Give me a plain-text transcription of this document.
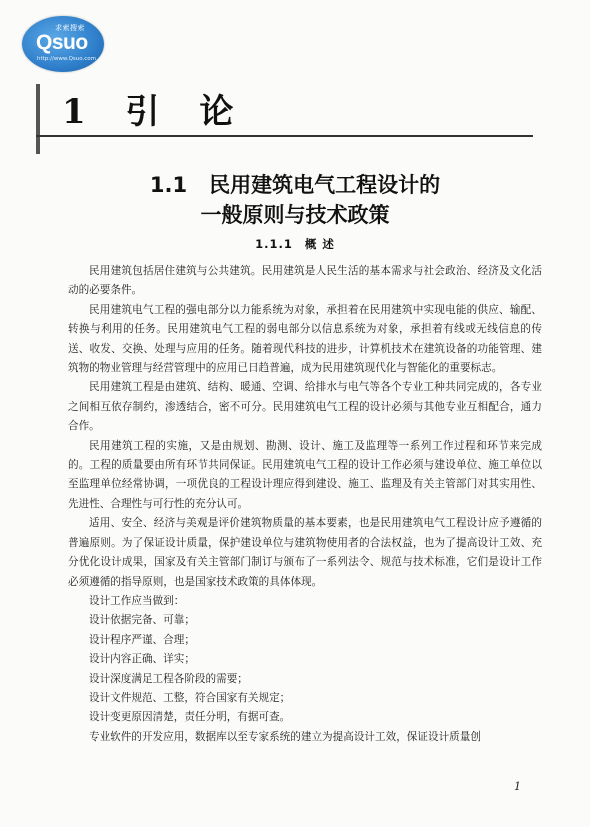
求索搜索
Qsuo
http://www.Qsuo.com
1 引 论
1.1 民用建筑电气工程设计的
一般原则与技术政策
1.1.1 概 述

民用建筑包括居住建筑与公共建筑。民用建筑是人民生活的基本需求与社会政治、经济及文化活动的必要条件。

民用建筑电气工程的强电部分以力能系统为对象，承担着在民用建筑中实现电能的供应、输配、转换与利用的任务。民用建筑电气工程的弱电部分以信息系统为对象，承担着有线或无线信息的传送、收发、交换、处理与应用的任务。随着现代科技的进步，计算机技术在建筑设备的功能管理、建筑物的物业管理与经营管理中的应用已日趋普遍，成为民用建筑现代化与智能化的重要标志。

民用建筑工程是由建筑、结构、暖通、空调、给排水与电气等各个专业工种共同完成的，各专业之间相互依存制约，渗透结合，密不可分。民用建筑电气工程的设计必须与其他专业互相配合，通力合作。

民用建筑工程的实施，又是由规划、勘测、设计、施工及监理等一系列工作过程和环节来完成的。工程的质量要由所有环节共同保证。民用建筑电气工程的设计工作必须与建设单位、施工单位以至监理单位经常协调，一项优良的工程设计理应得到建设、施工、监理及有关主管部门对其实用性、先进性、合理性与可行性的充分认可。

适用、安全、经济与美观是评价建筑物质量的基本要素，也是民用建筑电气工程设计应予遵循的普遍原则。为了保证设计质量，保护建设单位与建筑物使用者的合法权益，也为了提高设计工效、充分优化设计成果，国家及有关主管部门制订与颁布了一系列法令、规范与技术标准，它们是设计工作必须遵循的指导原则，也是国家技术政策的具体体现。

设计工作应当做到：

设计依据完备、可靠；

设计程序严谨、合理；

设计内容正确、详实；

设计深度满足工程各阶段的需要；

设计文件规范、工整，符合国家有关规定；

设计变更原因清楚，责任分明，有据可查。

专业软件的开发应用，数据库以至专家系统的建立为提高设计工效，保证设计质量创

1
